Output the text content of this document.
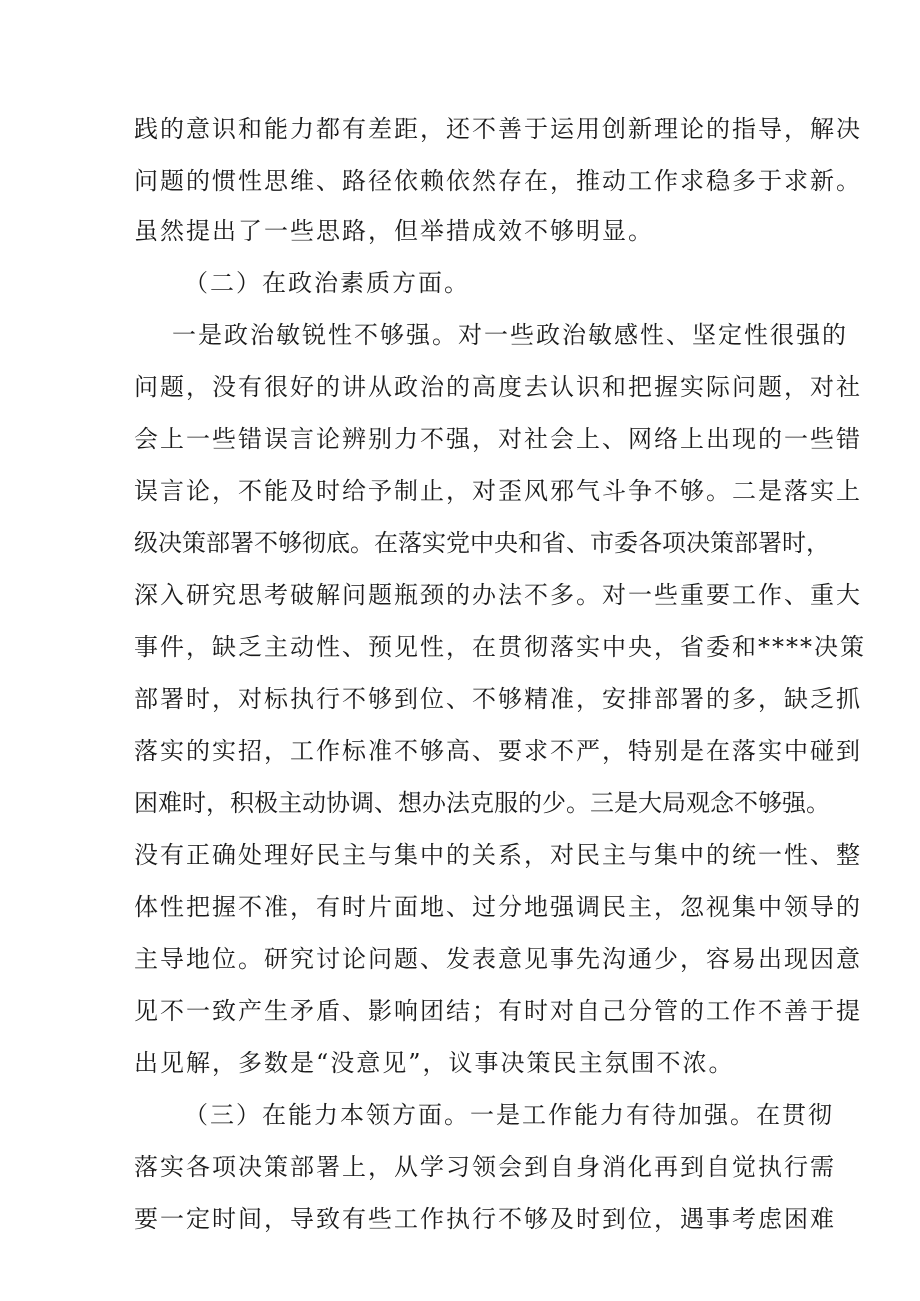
践的意识和能力都有差距，还不善于运用创新理论的指导，解决
问题的惯性思维、路径依赖依然存在，推动工作求稳多于求新。
虽然提出了一些思路，但举措成效不够明显。
（二）在政治素质方面。
一是政治敏锐性不够强。对一些政治敏感性、坚定性很强的
问题，没有很好的讲从政治的高度去认识和把握实际问题，对社
会上一些错误言论辨别力不强，对社会上、网络上出现的一些错
误言论，不能及时给予制止，对歪风邪气斗争不够。二是落实上
级决策部署不够彻底。在落实党中央和省、市委各项决策部署时，
深入研究思考破解问题瓶颈的办法不多。对一些重要工作、重大
事件，缺乏主动性、预见性，在贯彻落实中央，省委和****决策
部署时，对标执行不够到位、不够精准，安排部署的多，缺乏抓
落实的实招，工作标准不够高、要求不严，特别是在落实中碰到
困难时，积极主动协调、想办法克服的少。三是大局观念不够强。
没有正确处理好民主与集中的关系，对民主与集中的统一性、整
体性把握不准，有时片面地、过分地强调民主，忽视集中领导的
主导地位。研究讨论问题、发表意见事先沟通少，容易出现因意
见不一致产生矛盾、影响团结；有时对自己分管的工作不善于提
出见解，多数是“没意见”，议事决策民主氛围不浓。
（三）在能力本领方面。一是工作能力有待加强。在贯彻
落实各项决策部署上，从学习领会到自身消化再到自觉执行需
要一定时间，导致有些工作执行不够及时到位，遇事考虑困难
